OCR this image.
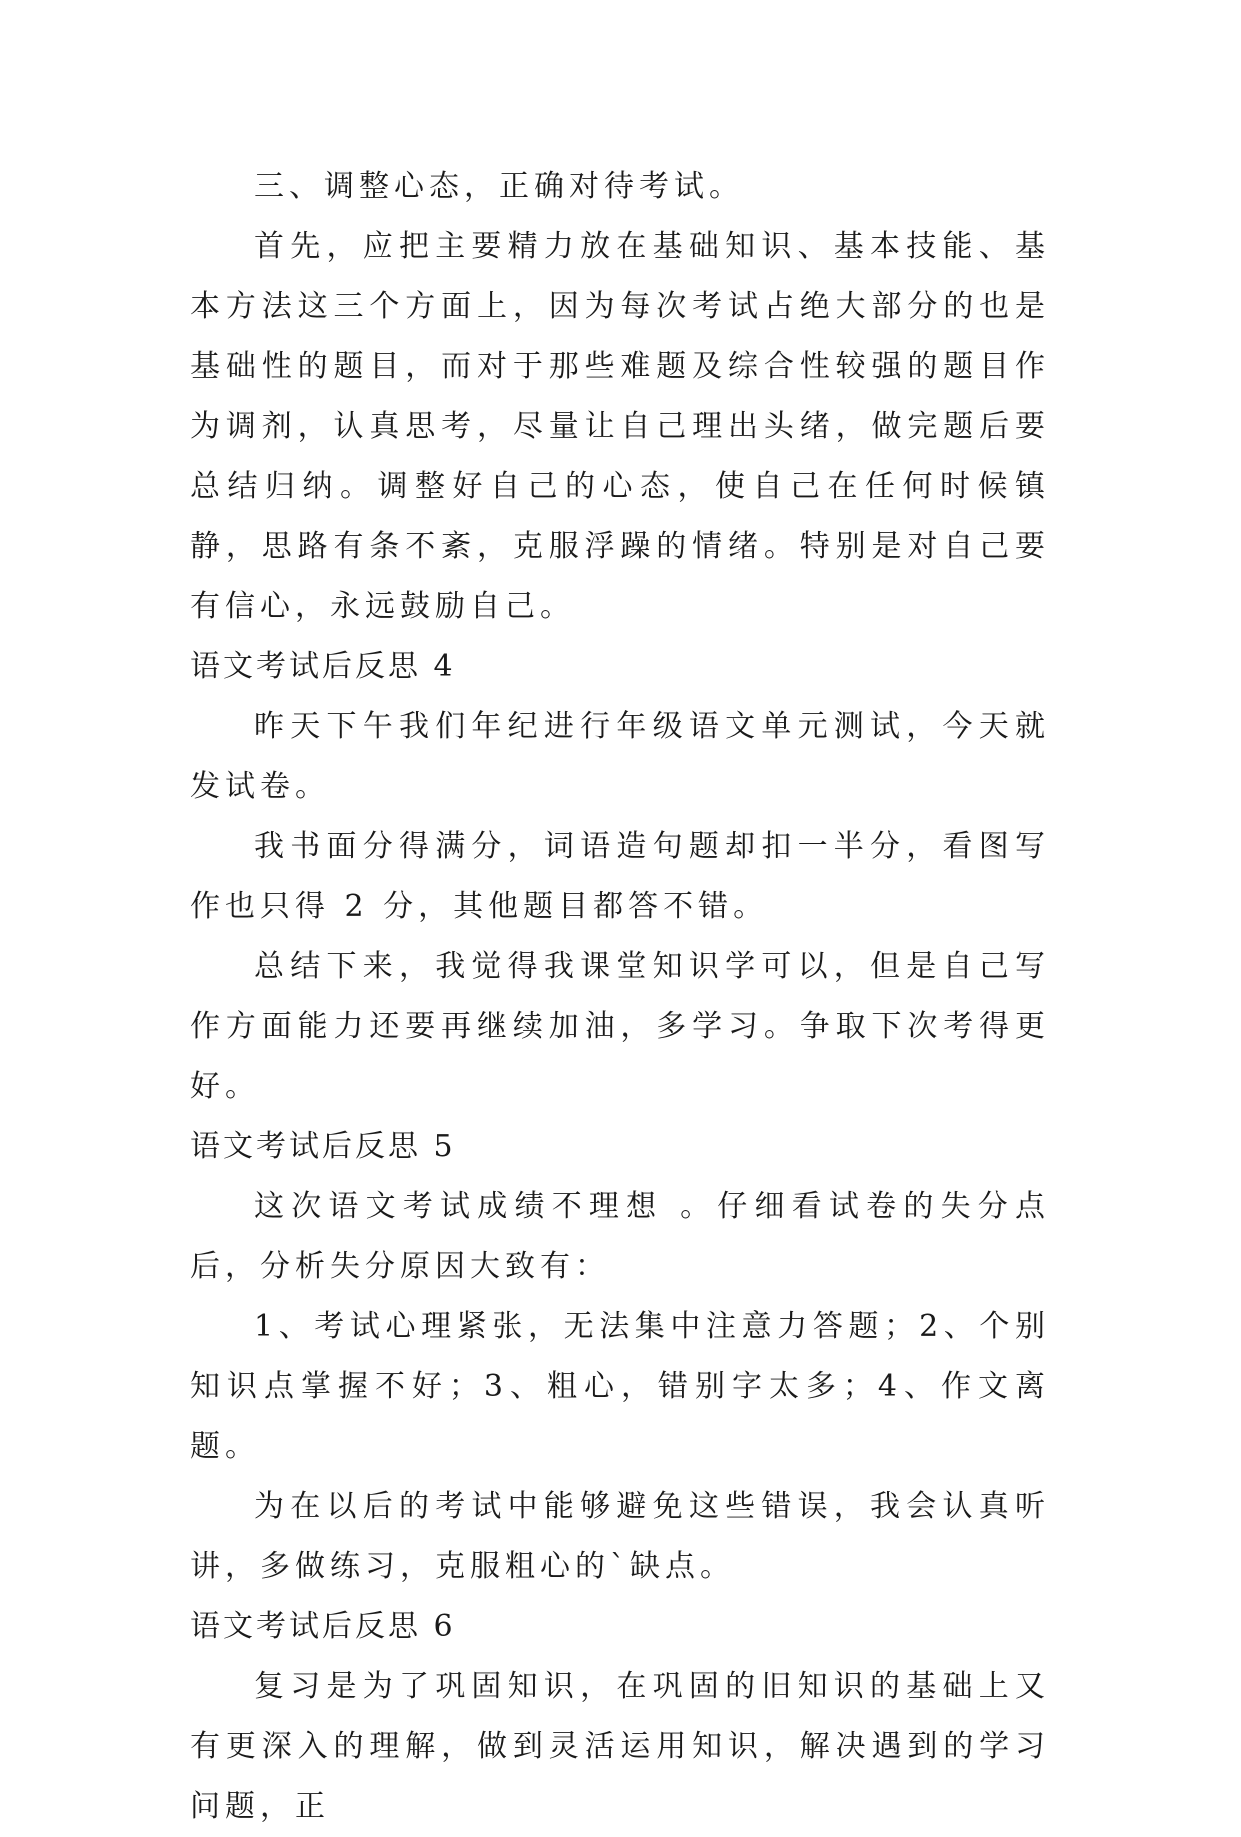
三、调整心态，正确对待考试。

首先，应把主要精力放在基础知识、基本技能、基本方法这三个方面上，因为每次考试占绝大部分的也是基础性的题目，而对于那些难题及综合性较强的题目作为调剂，认真思考，尽量让自己理出头绪，做完题后要总结归纳。调整好自己的心态，使自己在任何时候镇静，思路有条不紊，克服浮躁的情绪。特别是对自己要有信心，永远鼓励自己。

语文考试后反思 4

昨天下午我们年纪进行年级语文单元测试，今天就发试卷。

我书面分得满分，词语造句题却扣一半分，看图写作也只得 2 分，其他题目都答不错。

总结下来，我觉得我课堂知识学可以，但是自己写作方面能力还要再继续加油，多学习。争取下次考得更好。

语文考试后反思 5

这次语文考试成绩不理想 。仔细看试卷的失分点后，分析失分原因大致有：

1、考试心理紧张，无法集中注意力答题；2、个别知识点掌握不好；3、粗心，错别字太多；4、作文离题。

为在以后的考试中能够避免这些错误，我会认真听讲，多做练习，克服粗心的`缺点。

语文考试后反思 6

复习是为了巩固知识，在巩固的旧知识的基础上又有更深入的理解，做到灵活运用知识，解决遇到的学习问题，正
